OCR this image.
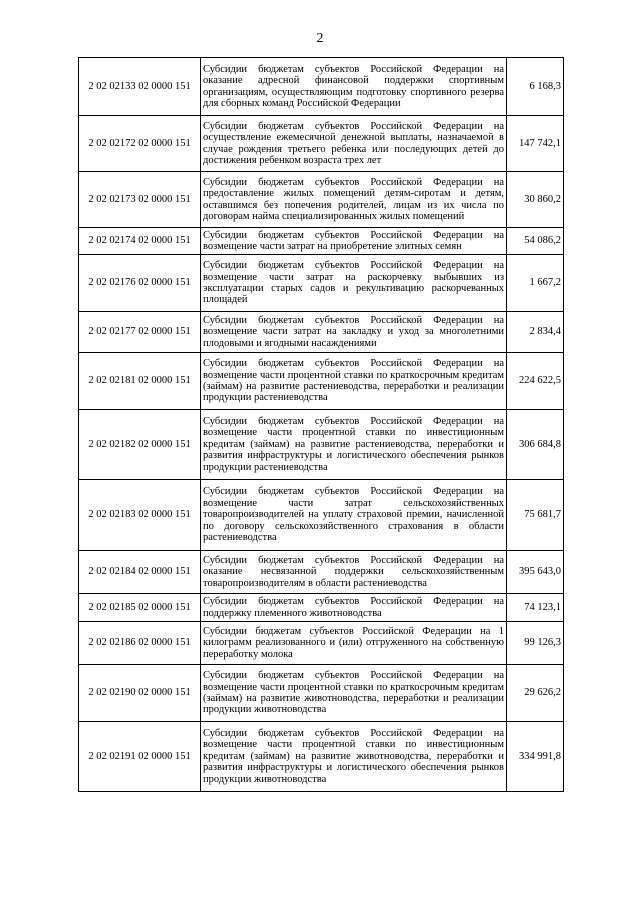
2
2 02 02133 02 0000 151	Субсидии бюджетам субъектов Российской Федерации на оказание адресной финансовой поддержки спортивным организациям, осуществляющим подготовку спортивного резерва для сборных команд Российской Федерации	6 168,3
2 02 02172 02 0000 151	Субсидии бюджетам субъектов Российской Федерации на осуществление ежемесячной денежной выплаты, назначаемой в случае рождения третьего ребенка или последующих детей до достижения ребенком возраста трех лет	147 742,1
2 02 02173 02 0000 151	Субсидии бюджетам субъектов Российской Федерации на предоставление жилых помещений детям-сиротам и детям, оставшимся без попечения родителей, лицам из их числа по договорам найма специализированных жилых помещений	30 860,2
2 02 02174 02 0000 151	Субсидии бюджетам субъектов Российской Федерации на возмещение части затрат на приобретение элитных семян	54 086,2
2 02 02176 02 0000 151	Субсидии бюджетам субъектов Российской Федерации на возмещение части затрат на раскорчевку выбывших из эксплуатации старых садов и рекультивацию раскорчеванных площадей	1 667,2
2 02 02177 02 0000 151	Субсидии бюджетам субъектов Российской Федерации на возмещение части затрат на закладку и уход за многолетними плодовыми и ягодными насаждениями	2 834,4
2 02 02181 02 0000 151	Субсидии бюджетам субъектов Российской Федерации на возмещение части процентной ставки по краткосрочным кредитам (займам) на развитие растениеводства, переработки и реализации продукции растениеводства	224 622,5
2 02 02182 02 0000 151	Субсидии бюджетам субъектов Российской Федерации на возмещение части процентной ставки по инвестиционным кредитам (займам) на развитие растениеводства, переработки и развития инфраструктуры и логистического обеспечения рынков продукции растениеводства	306 684,8
2 02 02183 02 0000 151	Субсидии бюджетам субъектов Российской Федерации на возмещение части затрат сельскохозяйственных товаропроизводителей на уплату страховой премии, начисленной по договору сельскохозяйственного страхования в области растениеводства	75 681,7
2 02 02184 02 0000 151	Субсидии бюджетам субъектов Российской Федерации на оказание несвязанной поддержки сельскохозяйственным товаропроизводителям в области растениеводства	395 643,0
2 02 02185 02 0000 151	Субсидии бюджетам субъектов Российской Федерации на поддержку племенного животноводства	74 123,1
2 02 02186 02 0000 151	Субсидии бюджетам субъектов Российской Федерации на 1 килограмм реализованного и (или) отгруженного на собственную переработку молока	99 126,3
2 02 02190 02 0000 151	Субсидии бюджетам субъектов Российской Федерации на возмещение части процентной ставки по краткосрочным кредитам (займам) на развитие животноводства, переработки и реализации продукции животноводства	29 626,2
2 02 02191 02 0000 151	Субсидии бюджетам субъектов Российской Федерации на возмещение части процентной ставки по инвестиционным кредитам (займам) на развитие животноводства, переработки и развития инфраструктуры и логистического обеспечения рынков продукции животноводства	334 991,8
